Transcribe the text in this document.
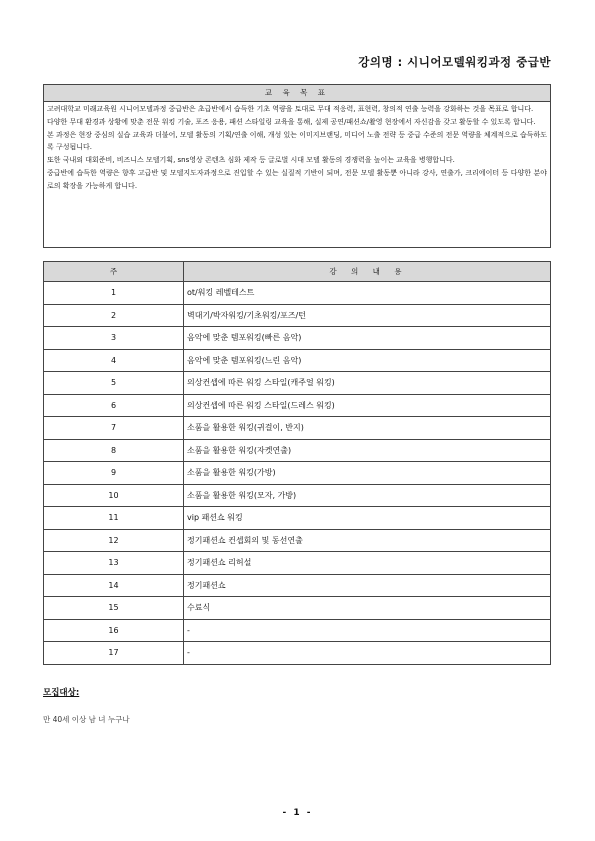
강의명 : 시니어모델워킹과정 중급반
교 육 목 표

고려대학교 미래교육원 시니어모델과정 중급반은 초급반에서 습득한 기초 역량을 토대로 무대 적응력, 표현력, 창의적 연출 능력을 강화하는 것을 목표로 합니다.

다양한 무대 환경과 상황에 맞춘 전문 워킹 기술, 포즈 응용, 패션 스타일링 교육을 통해, 실제 공연/패션쇼/촬영 현장에서 자신감을 갖고 활동할 수 있도록 합니다.

본 과정은 현장 중심의 실습 교육과 더불어, 모델 활동의 기획/연출 이해, 개성 있는 이미지브랜딩, 미디어 노출 전략 등 중급 수준의 전문 역량을 체계적으로 습득하도록 구성됩니다.

또한 국내외 대회준비, 비즈니스 모델기획, sns영상 콘텐츠 심화 제작 등 글로벌 시대 모델 활동의 경쟁력을 높이는 교육을 병행합니다.

중급반에 습득한 역량은 향후 고급반 및 모델지도자과정으로 진입할 수 있는 실질적 기반이 되며, 전문 모델 활동뿐 아니라 강사, 연출가, 크리에이터 등 다양한 분야로의 확장을 가능하게 합니다.

주	강 의 내 용
1	ot/워킹 레벨테스트
2	벽대기/박자워킹/기초워킹/포즈/턴
3	음악에 맞춘 템포워킹(빠른 음악)
4	음악에 맞춘 템포워킹(느린 음악)
5	의상컨셉에 따른 워킹 스타일(캐주얼 워킹)
6	의상컨셉에 따른 워킹 스타일(드레스 워킹)
7	소품을 활용한 워킹(귀걸이, 반지)
8	소품을 활용한 워킹(자켓연출)
9	소품을 활용한 워킹(가방)
10	소품을 활용한 워킹(모자, 가방)
11	vip 패션쇼 워킹
12	정기패션쇼 컨셉회의 및 동선연출
13	정기패션쇼 리허설
14	정기패션쇼
15	수료식
16	-
17	-
모집대상:
만 40세 이상 남 녀 누구나
- 1 -
